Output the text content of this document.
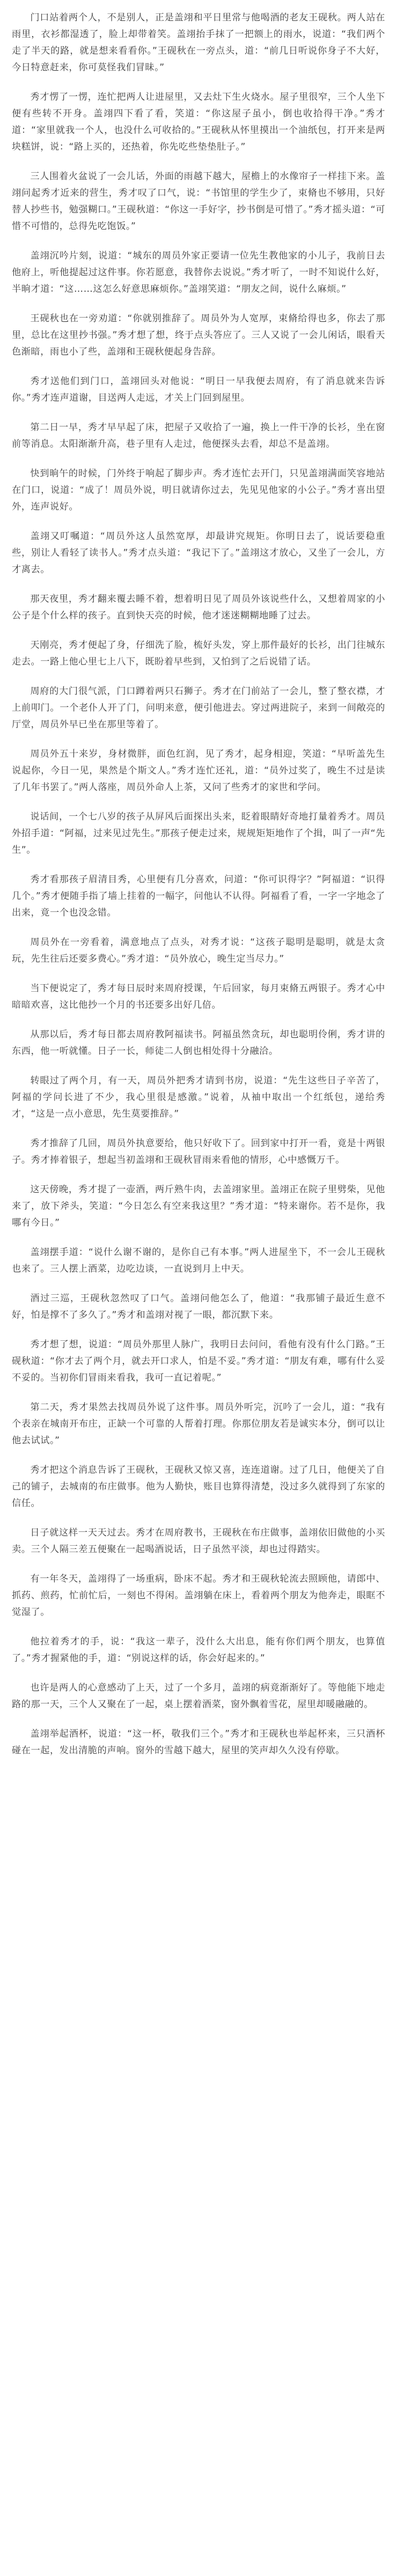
门口站着两个人，不是别人，正是盖翊和平日里常与他喝酒的老友王砚秋。两人站在雨里，衣衫都湿透了，脸上却带着笑。盖翊抬手抹了一把额上的雨水，说道：“我们两个走了半天的路，就是想来看看你。”王砚秋在一旁点头，道：“前几日听说你身子不大好，今日特意赶来，你可莫怪我们冒昧。”

秀才愣了一愣，连忙把两人让进屋里，又去灶下生火烧水。屋子里很窄，三个人坐下便有些转不开身。盖翊四下看了看，笑道：“你这屋子虽小，倒也收拾得干净。”秀才道：“家里就我一个人，也没什么可收拾的。”王砚秋从怀里摸出一个油纸包，打开来是两块糕饼，说：“路上买的，还热着，你先吃些垫垫肚子。”

三人围着火盆说了一会儿话，外面的雨越下越大，屋檐上的水像帘子一样挂下来。盖翊问起秀才近来的营生，秀才叹了口气，说：“书馆里的学生少了，束脩也不够用，只好替人抄些书，勉强糊口。”王砚秋道：“你这一手好字，抄书倒是可惜了。”秀才摇头道：“可惜不可惜的，总得先吃饱饭。”

盖翊沉吟片刻，说道：“城东的周员外家正要请一位先生教他家的小儿子，我前日去他府上，听他提起过这件事。你若愿意，我替你去说说。”秀才听了，一时不知说什么好，半晌才道：“这……这怎么好意思麻烦你。”盖翊笑道：“朋友之间，说什么麻烦。”

王砚秋也在一旁劝道：“你就别推辞了。周员外为人宽厚，束脩给得也多，你去了那里，总比在这里抄书强。”秀才想了想，终于点头答应了。三人又说了一会儿闲话，眼看天色渐暗，雨也小了些，盖翊和王砚秋便起身告辞。

秀才送他们到门口，盖翊回头对他说：“明日一早我便去周府，有了消息就来告诉你。”秀才连声道谢，目送两人走远，才关上门回到屋里。

第二日一早，秀才早早起了床，把屋子又收拾了一遍，换上一件干净的长衫，坐在窗前等消息。太阳渐渐升高，巷子里有人走过，他便探头去看，却总不是盖翊。

快到晌午的时候，门外终于响起了脚步声。秀才连忙去开门，只见盖翊满面笑容地站在门口，说道：“成了！周员外说，明日就请你过去，先见见他家的小公子。”秀才喜出望外，连声说好。

盖翊又叮嘱道：“周员外这人虽然宽厚，却最讲究规矩。你明日去了，说话要稳重些，别让人看轻了读书人。”秀才点头道：“我记下了。”盖翊这才放心，又坐了一会儿，方才离去。

那天夜里，秀才翻来覆去睡不着，想着明日见了周员外该说些什么，又想着周家的小公子是个什么样的孩子。直到快天亮的时候，他才迷迷糊糊地睡了过去。

天刚亮，秀才便起了身，仔细洗了脸，梳好头发，穿上那件最好的长衫，出门往城东走去。一路上他心里七上八下，既盼着早些到，又怕到了之后说错了话。

周府的大门很气派，门口蹲着两只石狮子。秀才在门前站了一会儿，整了整衣襟，才上前叩门。一个老仆人开了门，问明来意，便引他进去。穿过两进院子，来到一间敞亮的厅堂，周员外早已坐在那里等着了。

周员外五十来岁，身材微胖，面色红润，见了秀才，起身相迎，笑道：“早听盖先生说起你，今日一见，果然是个斯文人。”秀才连忙还礼，道：“员外过奖了，晚生不过是读了几年书罢了。”两人落座，周员外命人上茶，又问了些秀才的家世和学问。

说话间，一个七八岁的孩子从屏风后面探出头来，眨着眼睛好奇地打量着秀才。周员外招手道：“阿福，过来见过先生。”那孩子便走过来，规规矩矩地作了个揖，叫了一声“先生”。

秀才看那孩子眉清目秀，心里便有几分喜欢，问道：“你可识得字？”阿福道：“识得几个。”秀才便随手指了墙上挂着的一幅字，问他认不认得。阿福看了看，一字一字地念了出来，竟一个也没念错。

周员外在一旁看着，满意地点了点头，对秀才说：“这孩子聪明是聪明，就是太贪玩，先生往后还要多费心。”秀才道：“员外放心，晚生定当尽力。”

当下便说定了，秀才每日辰时来周府授课，午后回家，每月束脩五两银子。秀才心中暗暗欢喜，这比他抄一个月的书还要多出好几倍。

从那以后，秀才每日都去周府教阿福读书。阿福虽然贪玩，却也聪明伶俐，秀才讲的东西，他一听就懂。日子一长，师徒二人倒也相处得十分融洽。

转眼过了两个月，有一天，周员外把秀才请到书房，说道：“先生这些日子辛苦了，阿福的学问长进了不少，我心里很是感激。”说着，从袖中取出一个红纸包，递给秀才，“这是一点小意思，先生莫要推辞。”

秀才推辞了几回，周员外执意要给，他只好收下了。回到家中打开一看，竟是十两银子。秀才捧着银子，想起当初盖翊和王砚秋冒雨来看他的情形，心中感慨万千。

这天傍晚，秀才提了一壶酒，两斤熟牛肉，去盖翊家里。盖翊正在院子里劈柴，见他来了，放下斧头，笑道：“今日怎么有空来我这里？”秀才道：“特来谢你。若不是你，我哪有今日。”

盖翊摆手道：“说什么谢不谢的，是你自己有本事。”两人进屋坐下，不一会儿王砚秋也来了。三人摆上酒菜，边吃边谈，一直说到月上中天。

酒过三巡，王砚秋忽然叹了口气。盖翊问他怎么了，他道：“我那铺子最近生意不好，怕是撑不了多久了。”秀才和盖翊对视了一眼，都沉默下来。

秀才想了想，说道：“周员外那里人脉广，我明日去问问，看他有没有什么门路。”王砚秋道：“你才去了两个月，就去开口求人，怕是不妥。”秀才道：“朋友有难，哪有什么妥不妥的。当初你们冒雨来看我，我可一直记着呢。”

第二天，秀才果然去找周员外说了这件事。周员外听完，沉吟了一会儿，道：“我有个表亲在城南开布庄，正缺一个可靠的人帮着打理。你那位朋友若是诚实本分，倒可以让他去试试。”

秀才把这个消息告诉了王砚秋，王砚秋又惊又喜，连连道谢。过了几日，他便关了自己的铺子，去城南的布庄做事。他为人勤快，账目也算得清楚，没过多久就得到了东家的信任。

日子就这样一天天过去。秀才在周府教书，王砚秋在布庄做事，盖翊依旧做他的小买卖。三个人隔三差五便聚在一起喝酒说话，日子虽然平淡，却也过得踏实。

有一年冬天，盖翊得了一场重病，卧床不起。秀才和王砚秋轮流去照顾他，请郎中、抓药、煎药，忙前忙后，一刻也不得闲。盖翊躺在床上，看着两个朋友为他奔走，眼眶不觉湿了。

他拉着秀才的手，说：“我这一辈子，没什么大出息，能有你们两个朋友，也算值了。”秀才握紧他的手，道：“别说这样的话，你会好起来的。”

也许是两人的心意感动了上天，过了一个多月，盖翊的病竟渐渐好了。等他能下地走路的那一天，三个人又聚在了一起，桌上摆着酒菜，窗外飘着雪花，屋里却暖融融的。

盖翊举起酒杯，说道：“这一杯，敬我们三个。”秀才和王砚秋也举起杯来，三只酒杯碰在一起，发出清脆的声响。窗外的雪越下越大，屋里的笑声却久久没有停歇。
